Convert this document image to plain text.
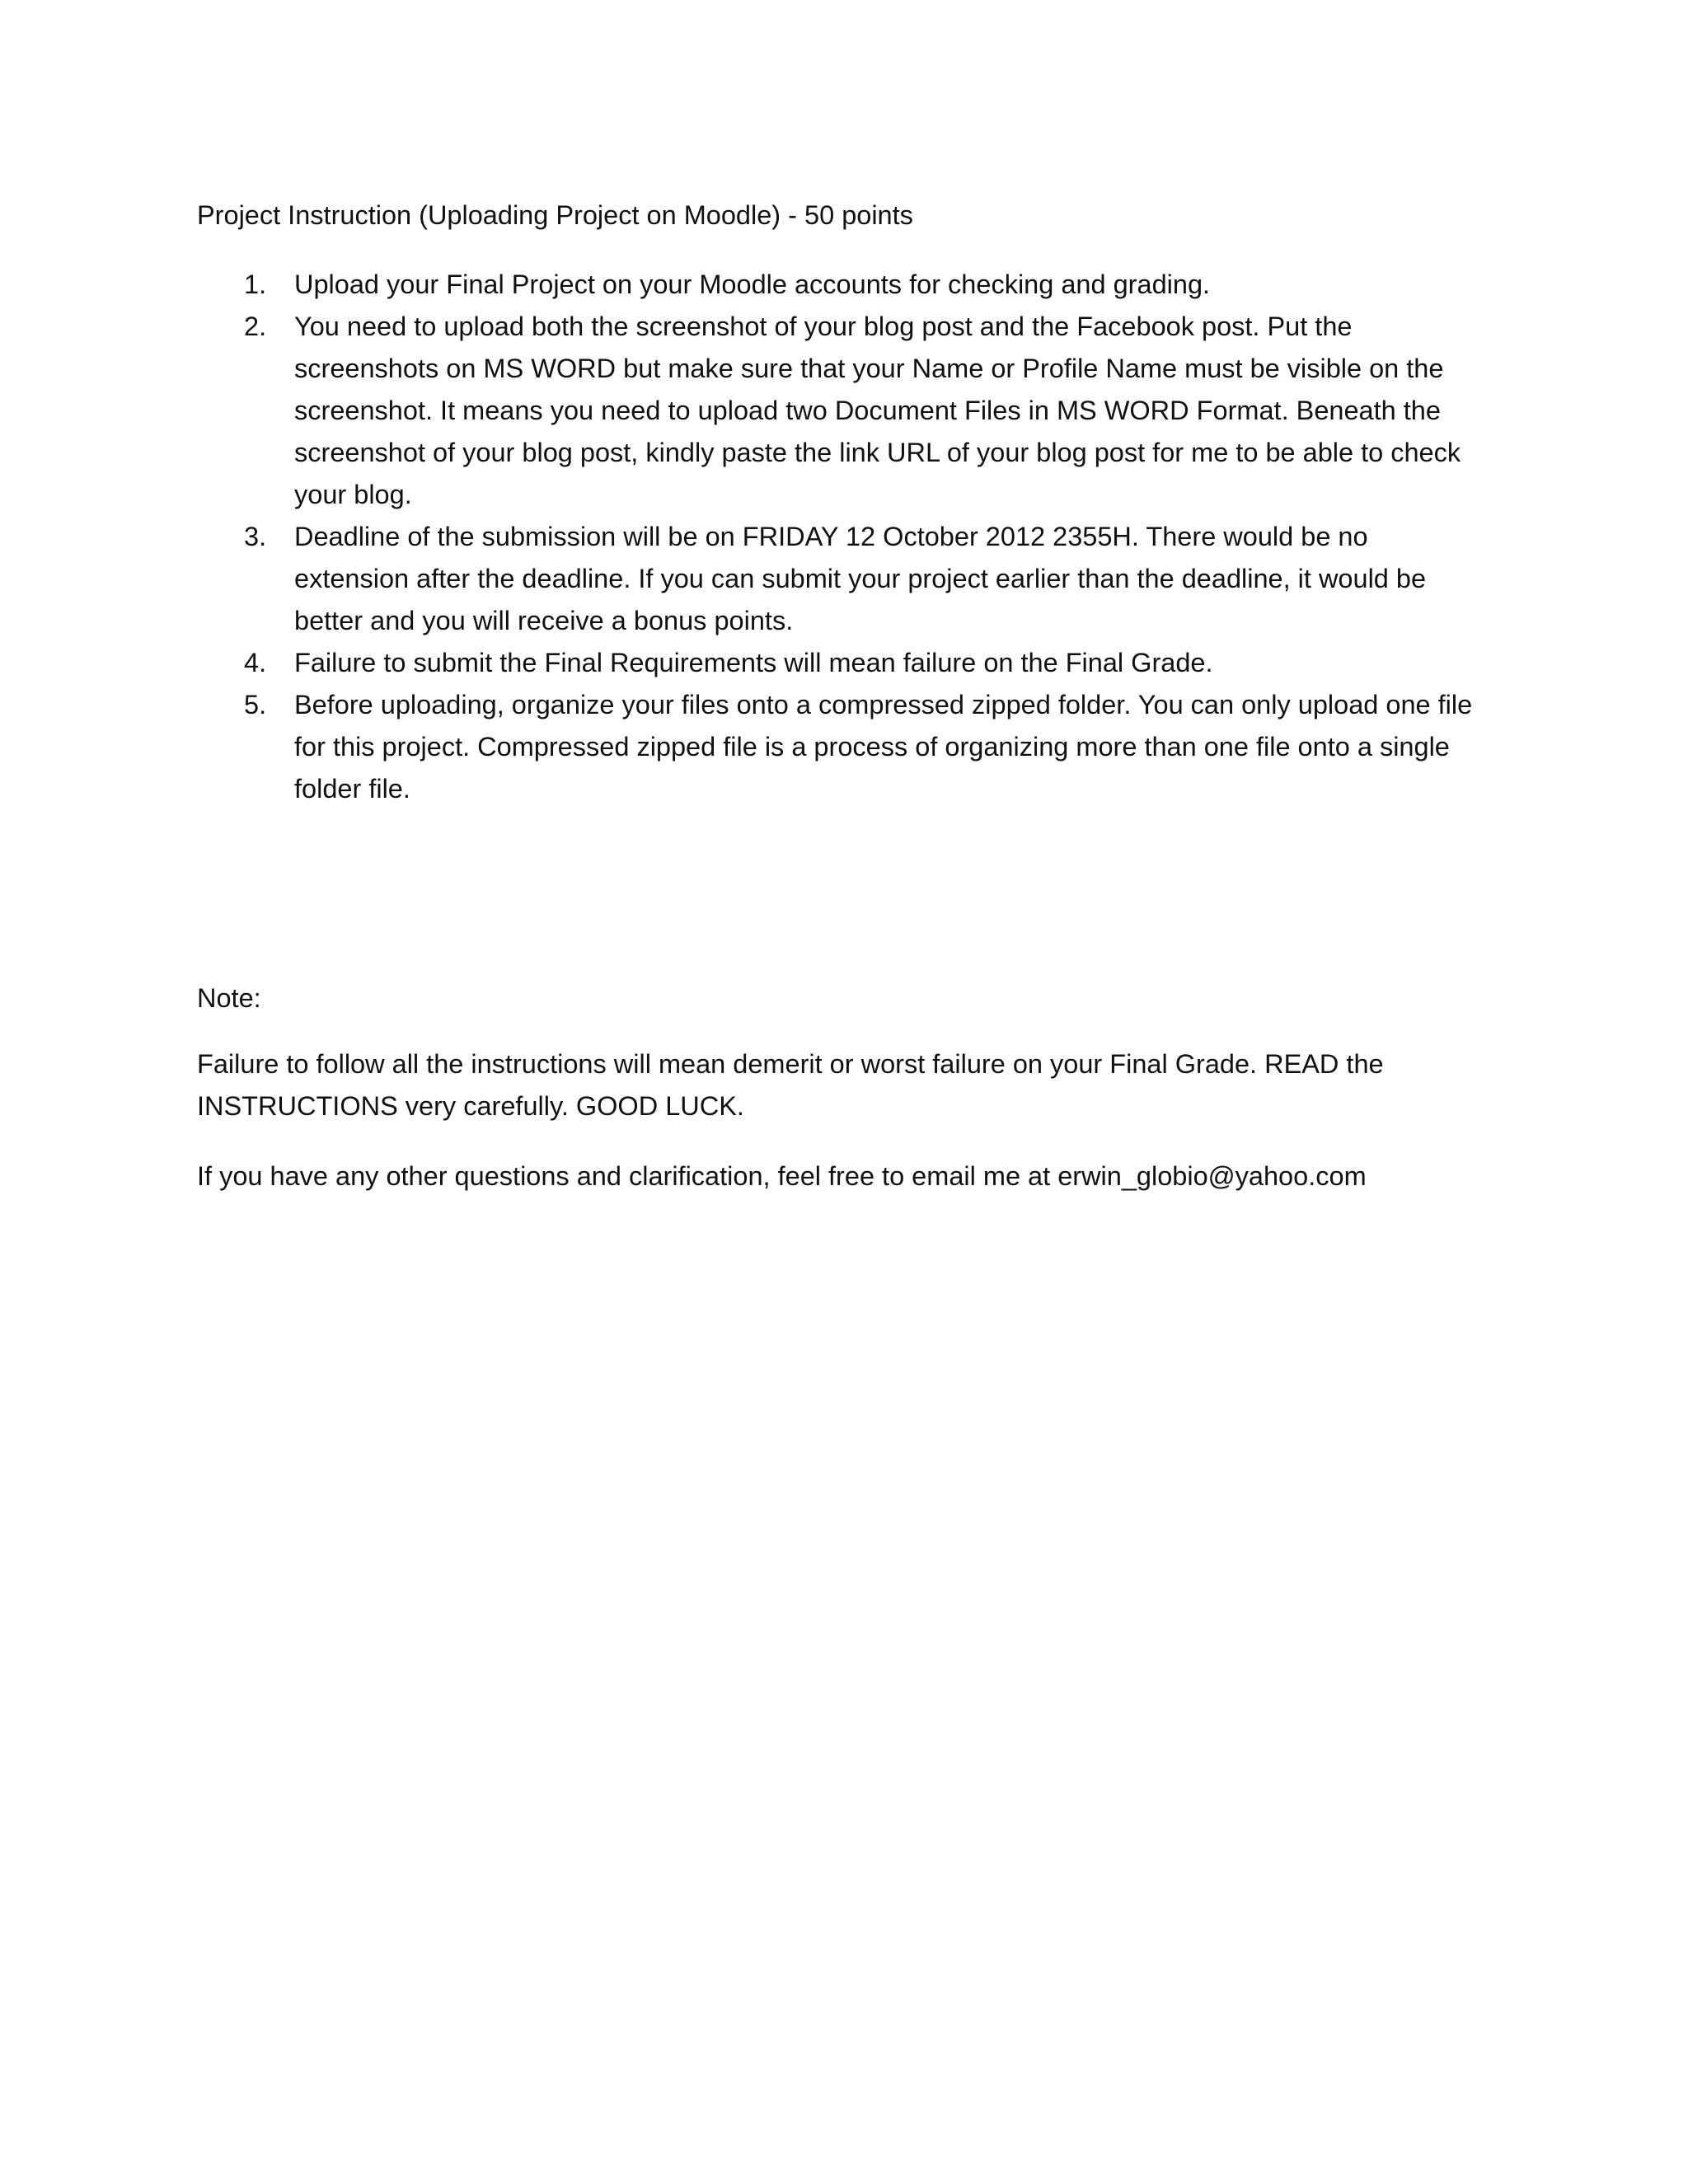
Project Instruction (Uploading Project on Moodle) - 50 points
1. Upload your Final Project on your Moodle accounts for checking and grading.
2. You need to upload both the screenshot of your blog post and the Facebook post. Put the screenshots on MS WORD but make sure that your Name or Profile Name must be visible on the screenshot. It means you need to upload two Document Files in MS WORD Format. Beneath the screenshot of your blog post, kindly paste the link URL of your blog post for me to be able to check your blog.
3. Deadline of the submission will be on FRIDAY 12 October 2012 2355H. There would be no extension after the deadline. If you can submit your project earlier than the deadline, it would be better and you will receive a bonus points.
4. Failure to submit the Final Requirements will mean failure on the Final Grade.
5. Before uploading, organize your files onto a compressed zipped folder. You can only upload one file for this project. Compressed zipped file is a process of organizing more than one file onto a single folder file.

Note:

Failure to follow all the instructions will mean demerit or worst failure on your Final Grade. READ the INSTRUCTIONS very carefully. GOOD LUCK.

If you have any other questions and clarification, feel free to email me at erwin_globio@yahoo.com
